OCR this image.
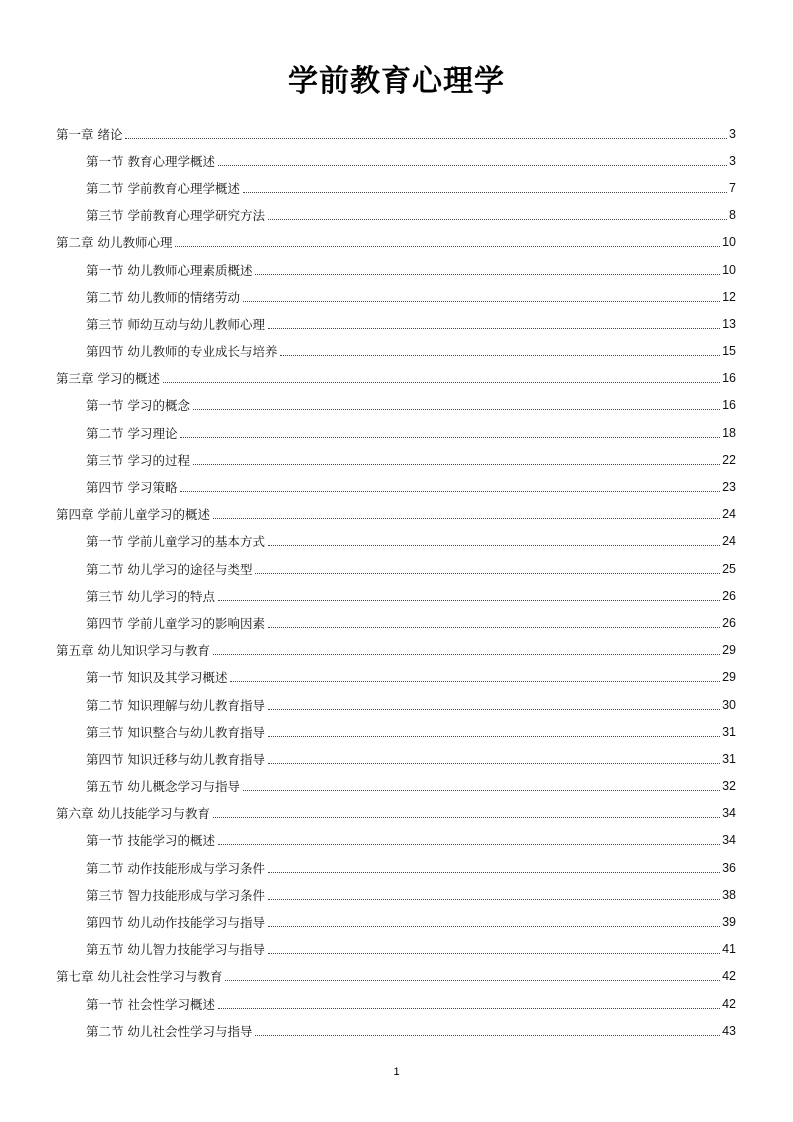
学前教育心理学
第一章 绪论	3
第一节 教育心理学概述	3
第二节 学前教育心理学概述	7
第三节 学前教育心理学研究方法	8
第二章 幼儿教师心理	10
第一节 幼儿教师心理素质概述	10
第二节 幼儿教师的情绪劳动	12
第三节 师幼互动与幼儿教师心理	13
第四节 幼儿教师的专业成长与培养	15
第三章 学习的概述	16
第一节 学习的概念	16
第二节 学习理论	18
第三节 学习的过程	22
第四节 学习策略	23
第四章 学前儿童学习的概述	24
第一节 学前儿童学习的基本方式	24
第二节 幼儿学习的途径与类型	25
第三节 幼儿学习的特点	26
第四节 学前儿童学习的影响因素	26
第五章 幼儿知识学习与教育	29
第一节 知识及其学习概述	29
第二节 知识理解与幼儿教育指导	30
第三节 知识整合与幼儿教育指导	31
第四节 知识迁移与幼儿教育指导	31
第五节 幼儿概念学习与指导	32
第六章 幼儿技能学习与教育	34
第一节 技能学习的概述	34
第二节 动作技能形成与学习条件	36
第三节 智力技能形成与学习条件	38
第四节 幼儿动作技能学习与指导	39
第五节 幼儿智力技能学习与指导	41
第七章 幼儿社会性学习与教育	42
第一节 社会性学习概述	42
第二节 幼儿社会性学习与指导	43
1
